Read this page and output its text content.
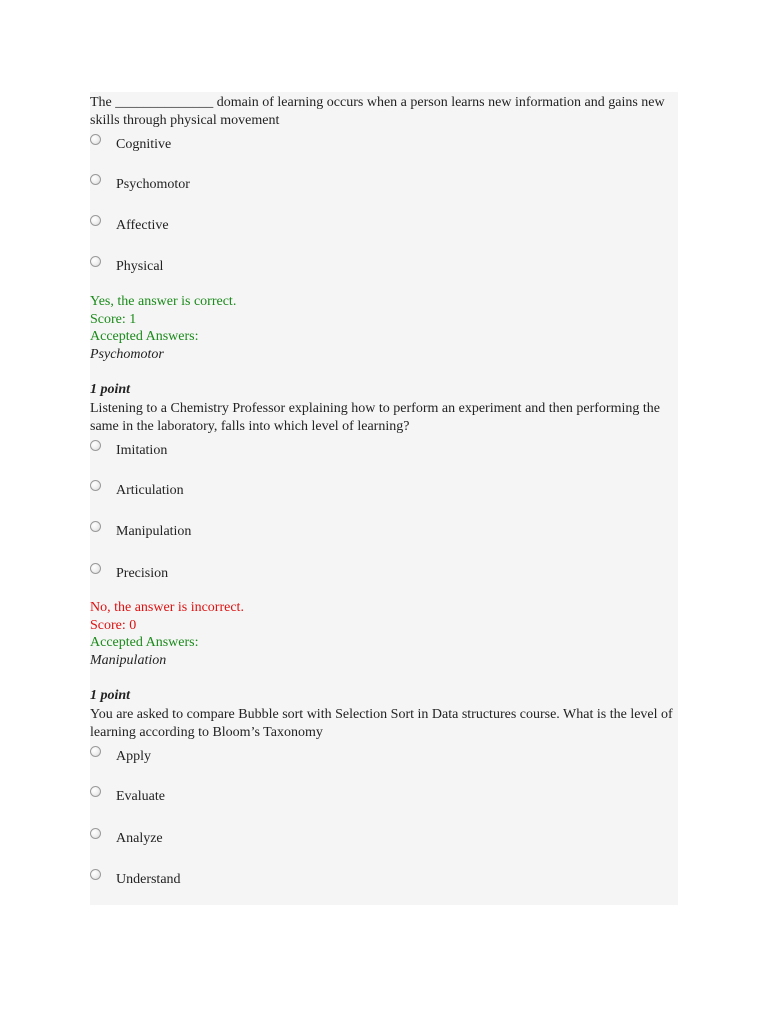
The ______________ domain of learning occurs when a person learns new information and gains new skills through physical movement
Cognitive
Psychomotor
Affective
Physical
Yes, the answer is correct.
Score: 1
Accepted Answers:
Psychomotor
1 point
Listening to a Chemistry Professor explaining how to perform an experiment and then performing the same in the laboratory, falls into which level of learning?
Imitation
Articulation
Manipulation
Precision
No, the answer is incorrect.
Score: 0
Accepted Answers:
Manipulation
1 point
You are asked to compare Bubble sort with Selection Sort in Data structures course. What is the level of learning according to Bloom’s Taxonomy
Apply
Evaluate
Analyze
Understand
